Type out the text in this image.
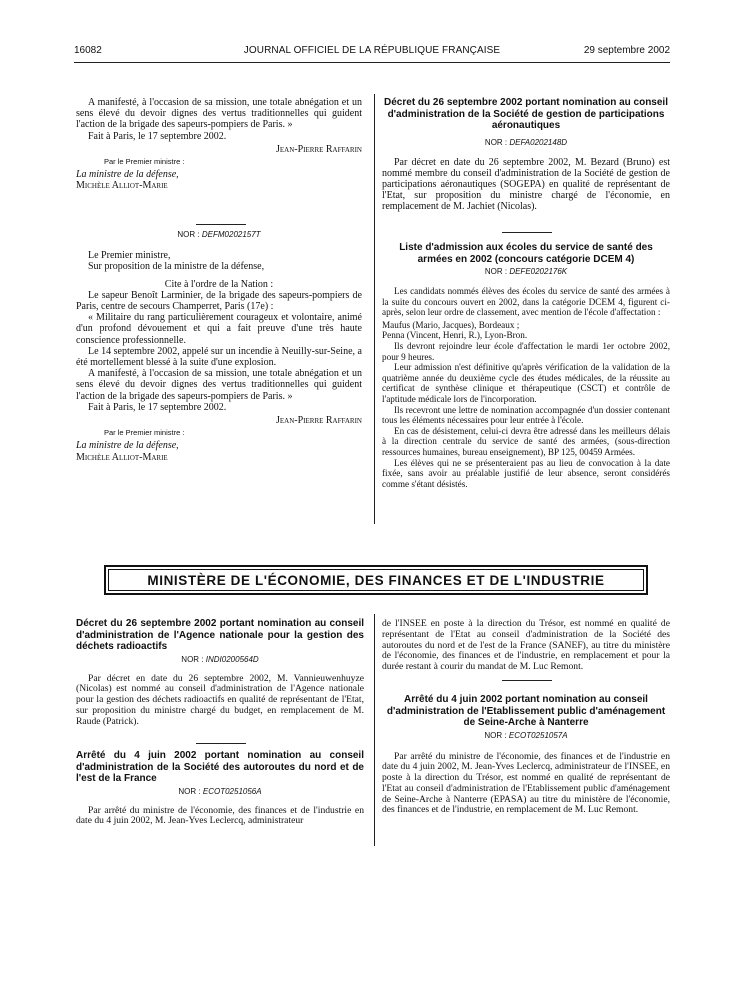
16082	JOURNAL OFFICIEL DE LA RÉPUBLIQUE FRANÇAISE	29 septembre 2002

A manifesté, à l'occasion de sa mission, une totale abnégation et un sens élevé du devoir dignes des vertus traditionnelles qui guident l'action de la brigade des sapeurs-pompiers de Paris. »

Fait à Paris, le 17 septembre 2002.

Jean-Pierre Raffarin
Par le Premier ministre :
La ministre de la défense,
Michèle Alliot-Marie
NOR : DEFM0202157T

Le Premier ministre,

Sur proposition de la ministre de la défense,

Cite à l'ordre de la Nation :

Le sapeur Benoît Larminier, de la brigade des sapeurs-pompiers de Paris, centre de secours Champerret, Paris (17e) :

« Militaire du rang particulièrement courageux et volontaire, animé d'un profond dévouement et qui a fait preuve d'une très haute conscience professionnelle.

Le 14 septembre 2002, appelé sur un incendie à Neuilly-sur-Seine, a été mortellement blessé à la suite d'une explosion.

A manifesté, à l'occasion de sa mission, une totale abnégation et un sens élevé du devoir dignes des vertus traditionnelles qui guident l'action de la brigade des sapeurs-pompiers de Paris. »

Fait à Paris, le 17 septembre 2002.

Jean-Pierre Raffarin
Par le Premier ministre :
La ministre de la défense,
Michèle Alliot-Marie
Décret du 26 septembre 2002 portant nomination au conseil d'administration de la Société de gestion de participations aéronautiques
NOR : DEFA0202148D

Par décret en date du 26 septembre 2002, M. Bezard (Bruno) est nommé membre du conseil d'administration de la Société de gestion de participations aéronautiques (SOGEPA) en qualité de représentant de l'Etat, sur proposition du ministre chargé de l'économie, en remplacement de M. Jachiet (Nicolas).

Liste d'admission aux écoles du service de santé des armées en 2002 (concours catégorie DCEM 4)
NOR : DEFE0202176K

Les candidats nommés élèves des écoles du service de santé des armées à la suite du concours ouvert en 2002, dans la catégorie DCEM 4, figurent ci-après, selon leur ordre de classement, avec mention de l'école d'affectation :

Maufus (Mario, Jacques), Bordeaux ;

Penna (Vincent, Henri, R.), Lyon-Bron.

Ils devront rejoindre leur école d'affectation le mardi 1er octobre 2002, pour 9 heures.

Leur admission n'est définitive qu'après vérification de la validation de la quatrième année du deuxième cycle des études médicales, de la réussite au certificat de synthèse clinique et thérapeutique (CSCT) et contrôle de l'aptitude médicale lors de l'incorporation.

Ils recevront une lettre de nomination accompagnée d'un dossier contenant tous les éléments nécessaires pour leur entrée à l'école.

En cas de désistement, celui-ci devra être adressé dans les meilleurs délais à la direction centrale du service de santé des armées, (sous-direction ressources humaines, bureau enseignement), BP 125, 00459 Armées.

Les élèves qui ne se présenteraient pas au lieu de convocation à la date fixée, sans avoir au préalable justifié de leur absence, seront considérés comme s'étant désistés.

MINISTÈRE DE L'ÉCONOMIE, DES FINANCES ET DE L'INDUSTRIE
Décret du 26 septembre 2002 portant nomination au conseil d'administration de l'Agence nationale pour la gestion des déchets radioactifs
NOR : INDI0200564D

Par décret en date du 26 septembre 2002, M. Vannieuwenhuyze (Nicolas) est nommé au conseil d'administration de l'Agence nationale pour la gestion des déchets radioactifs en qualité de représentant de l'Etat, sur proposition du ministre chargé du budget, en remplacement de M. Raude (Patrick).

Arrêté du 4 juin 2002 portant nomination au conseil d'administration de la Société des autoroutes du nord et de l'est de la France
NOR : ECOT0251056A

Par arrêté du ministre de l'économie, des finances et de l'industrie en date du 4 juin 2002, M. Jean-Yves Leclercq, administrateur

de l'INSEE en poste à la direction du Trésor, est nommé en qualité de représentant de l'Etat au conseil d'administration de la Société des autoroutes du nord et de l'est de la France (SANEF), au titre du ministère de l'économie, des finances et de l'industrie, en remplacement et pour la durée restant à courir du mandat de M. Luc Remont.

Arrêté du 4 juin 2002 portant nomination au conseil d'administration de l'Etablissement public d'aménagement de Seine-Arche à Nanterre
NOR : ECOT0251057A

Par arrêté du ministre de l'économie, des finances et de l'industrie en date du 4 juin 2002, M. Jean-Yves Leclercq, administrateur de l'INSEE, en poste à la direction du Trésor, est nommé en qualité de représentant de l'Etat au conseil d'administration de l'Etablissement public d'aménagement de Seine-Arche à Nanterre (EPASA) au titre du ministère de l'économie, des finances et de l'industrie, en remplacement de M. Luc Remont.
